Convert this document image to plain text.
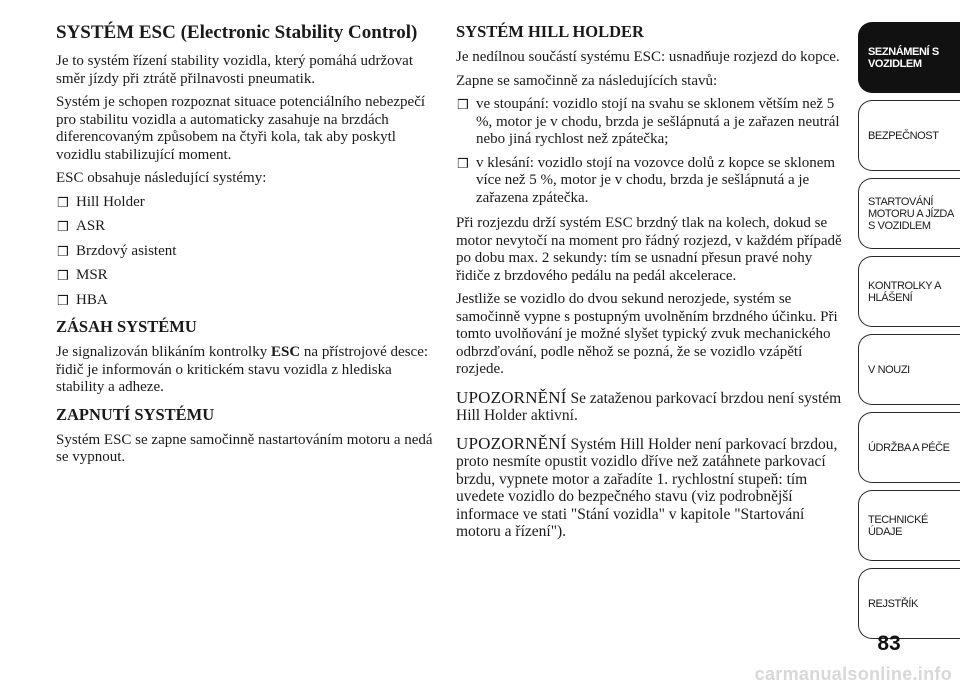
SYSTÉM ESC (Electronic Stability Control)

Je to systém řízení stability vozidla, který pomáhá udržovat směr jízdy při ztrátě přilnavosti pneumatik.

Systém je schopen rozpoznat situace potenciálního nebezpečí pro stabilitu vozidla a automaticky zasahuje na brzdách diferencovaným způsobem na čtyři kola, tak aby poskytl vozidlu stabilizující moment.

ESC obsahuje následující systémy:

❒ Hill Holder
❒ ASR
❒ Brzdový asistent
❒ MSR
❒ HBA
ZÁSAH SYSTÉMU

Je signalizován blikáním kontrolky ESC na přístrojové desce: řidič je informován o kritickém stavu vozidla z hlediska stability a adheze.

ZAPNUTÍ SYSTÉMU

Systém ESC se zapne samočinně nastartováním motoru a nedá se vypnout.

SYSTÉM HILL HOLDER

Je nedílnou součástí systému ESC: usnadňuje rozjezd do kopce.

Zapne se samočinně za následujících stavů:

❒ ve stoupání: vozidlo stojí na svahu se sklonem větším než 5 %, motor je v chodu, brzda je sešlápnutá a je zařazen neutrál nebo jiná rychlost než zpátečka;
❒ v klesání: vozidlo stojí na vozovce dolů z kopce se sklonem více než 5 %, motor je v chodu, brzda je sešlápnutá a je zařazena zpátečka.

Při rozjezdu drží systém ESC brzdný tlak na kolech, dokud se motor nevytočí na moment pro řádný rozjezd, v každém případě po dobu max. 2 sekundy: tím se usnadní přesun pravé nohy řidiče z brzdového pedálu na pedál akcelerace.

Jestliže se vozidlo do dvou sekund nerozjede, systém se samočinně vypne s postupným uvolněním brzdného účinku. Při tomto uvolňování je možné slyšet typický zvuk mechanického odbrzďování, podle něhož se pozná, že se vozidlo vzápětí rozjede.

UPOZORNĚNÍ Se zataženou parkovací brzdou není systém Hill Holder aktivní.

UPOZORNĚNÍ Systém Hill Holder není parkovací brzdou, proto nesmíte opustit vozidlo dříve než zatáhnete parkovací brzdu, vypnete motor a zařadíte 1. rychlostní stupeň: tím uvedete vozidlo do bezpečného stavu (viz podrobnější informace ve stati "Stání vozidla" v kapitole "Startování motoru a řízení").

SEZNÁMENÍ S
VOZIDLEM
BEZPEČNOST
STARTOVÁNÍ
MOTORU A JÍZDA
S VOZIDLEM
KONTROLKY A
HLÁŠENÍ
V NOUZI
ÚDRŽBA A PÉČE
TECHNICKÉ
ÚDAJE
REJSTŘÍK
83
carmanualsonline.info
